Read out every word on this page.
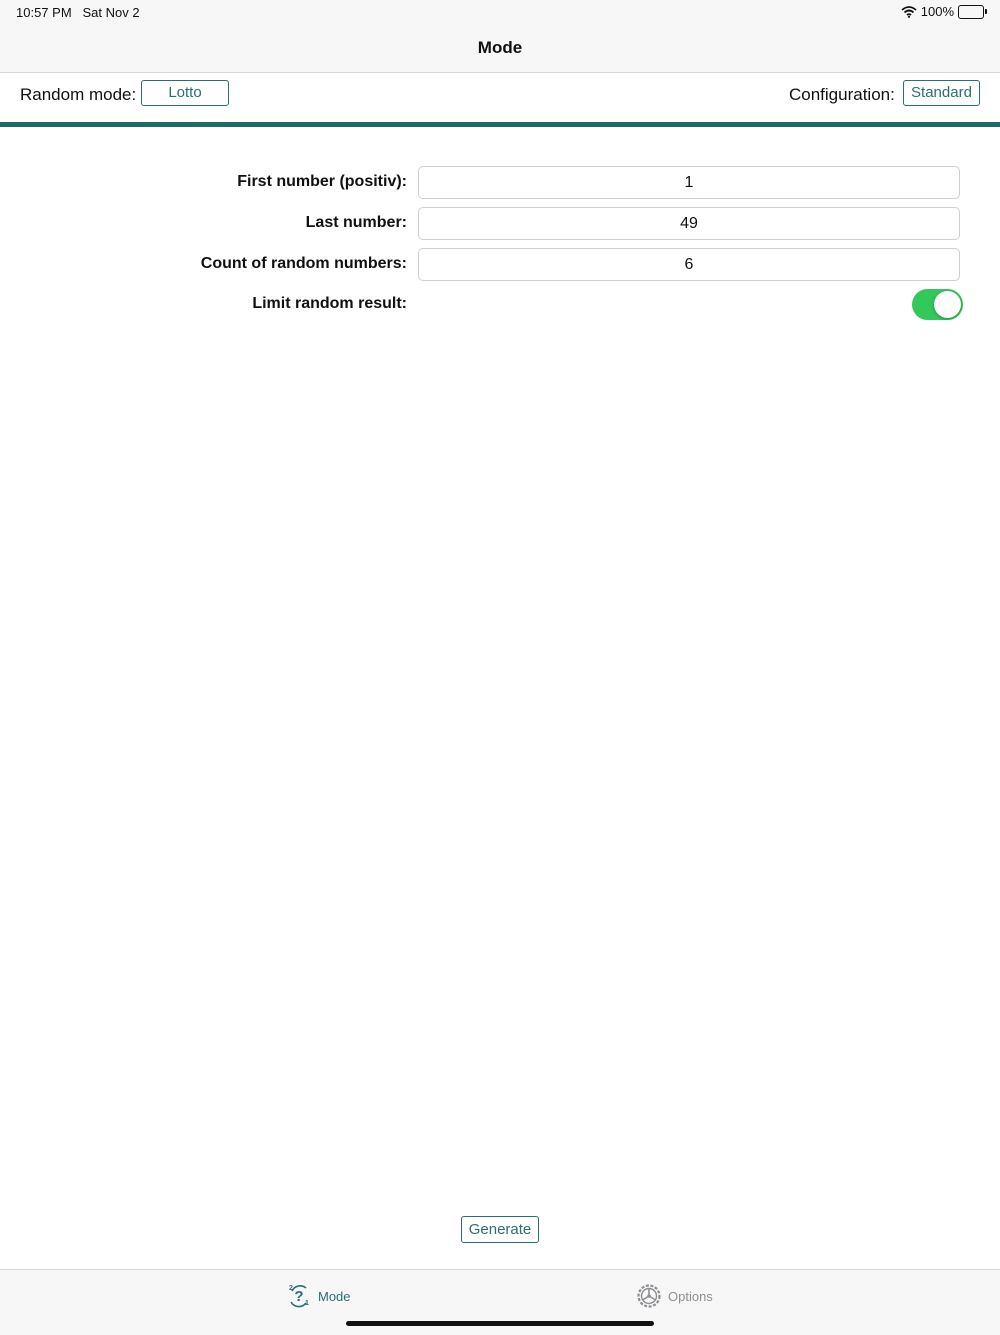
10:57 PM Sat Nov 2	100%
Mode
Random mode:	Lotto	Configuration:	Standard
First number (positiv):
1
Last number:
49
Count of random numbers:
6
Limit random result:
Generate
?
2
1 Mode	Options
